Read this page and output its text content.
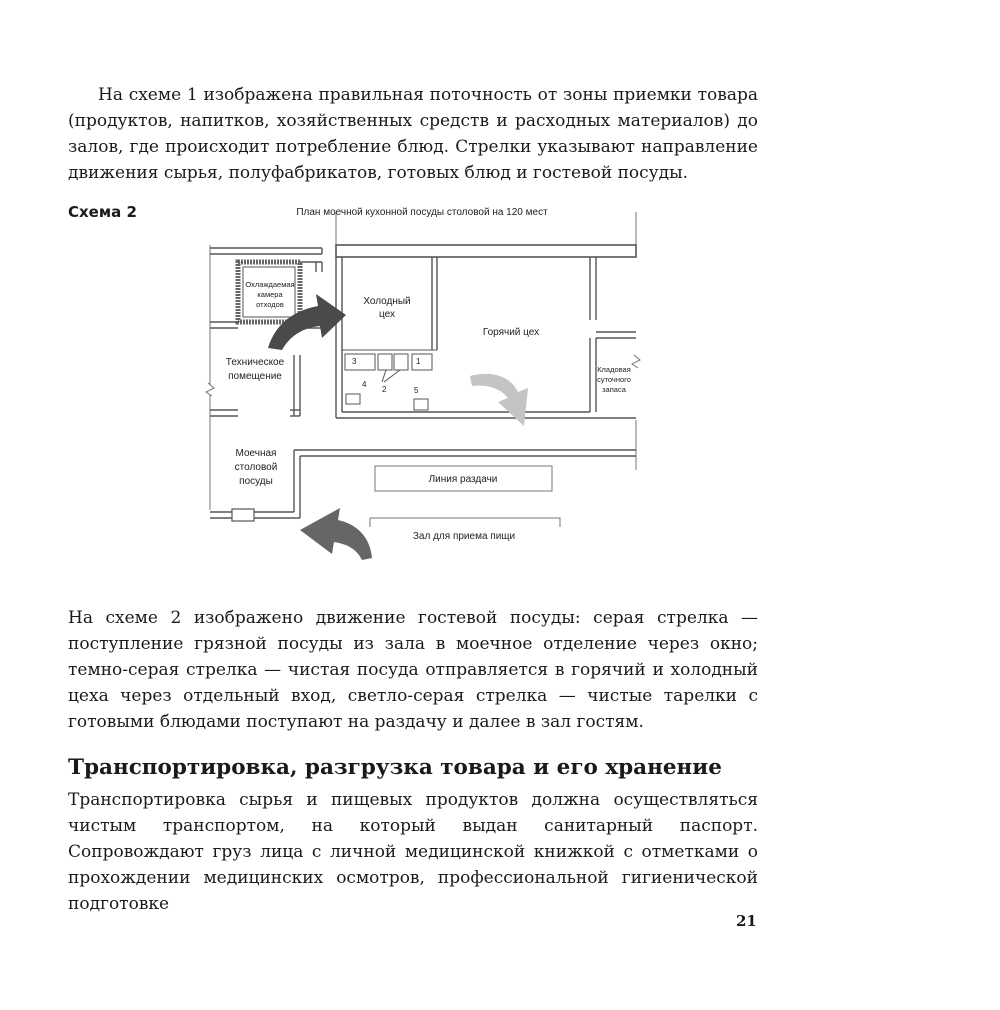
На схеме 1 изображена правильная поточность от зоны приемки товара (продуктов, напитков, хозяйственных средств и расходных материалов) до залов, где происходит потребление блюд. Стрелки указывают направление движения сырья, полуфабрикатов, готовых блюд и гостевой посуды.

Схема 2	План моечной кухонной посуды столовой на 120 мест
3	1
2
4
5
Охлаждаемая
камера
отходов	Холодный
цех
Горячий цех
Техническое
помещение
Кладовая
суточного
запаса
Моечная
столовой
посуды	Линия раздачи
Зал для приема пищи

На схеме 2 изображено движение гостевой посуды: серая стрелка — поступление грязной посуды из зала в моечное отделение через окно; темно-серая стрелка — чистая посуда отправляется в горячий и холодный цеха через отдельный вход, светло-серая стрелка — чистые тарелки с готовыми блюдами поступают на раздачу и далее в зал гостям.

Транспортировка, разгрузка товара и его хранение

Транспортировка сырья и пищевых продуктов должна осуществляться чистым транспортом, на который выдан санитарный паспорт. Сопровождают груз лица с личной медицинской книжкой с отметками о прохождении медицинских осмотров, профессиональной гигиенической подготовке

21
